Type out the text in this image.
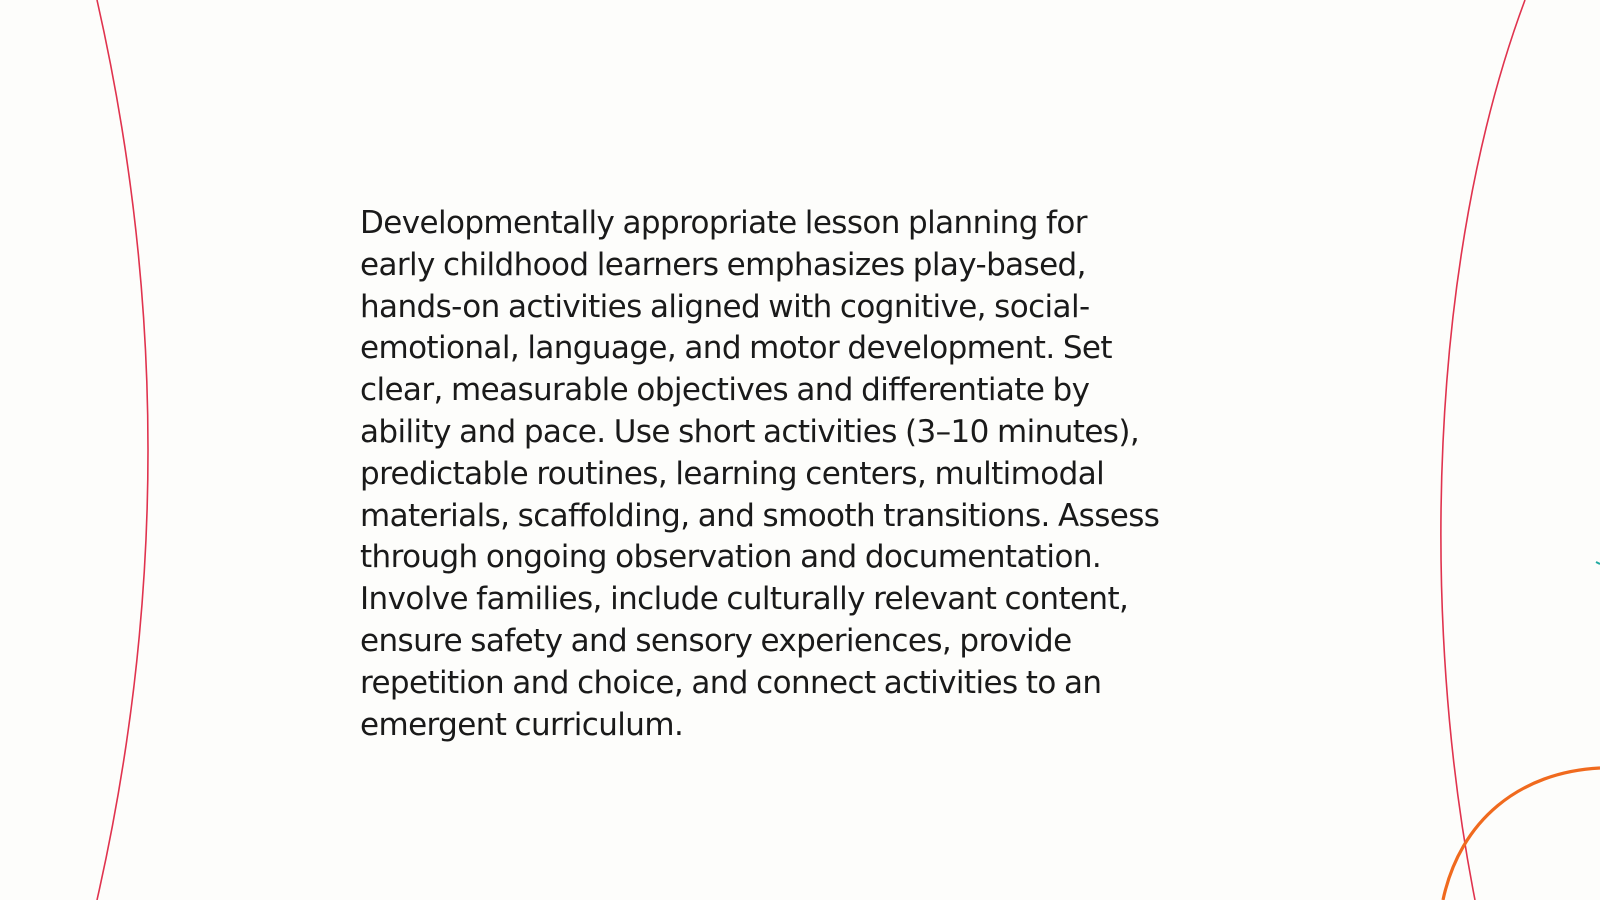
Developmentally appropriate lesson planning for
early childhood learners emphasizes play-based,
hands-on activities aligned with cognitive, social-
emotional, language, and motor development. Set
clear, measurable objectives and differentiate by
ability and pace. Use short activities (3–10 minutes),
predictable routines, learning centers, multimodal
materials, scaffolding, and smooth transitions. Assess
through ongoing observation and documentation.
Involve families, include culturally relevant content,
ensure safety and sensory experiences, provide
repetition and choice, and connect activities to an
emergent curriculum.
